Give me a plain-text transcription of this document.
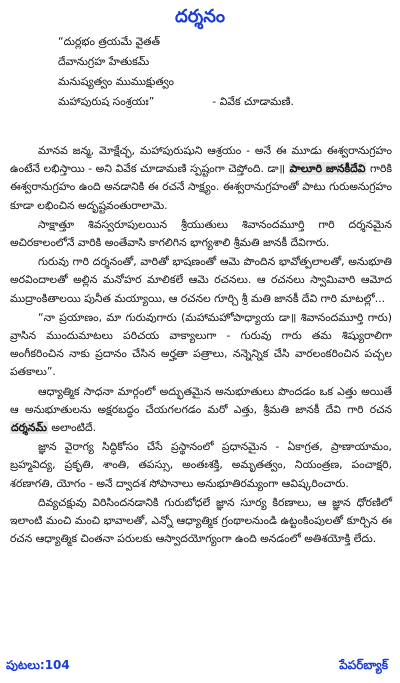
దర్శనం
“దుర్లభం త్రయమే వైతత్
దేవానుగ్రహ హేతుకమ్
మనుష్యత్వం ముముక్షుత్వం
మహాపురుష సంశ్రయః”	- వివేక చూడామణి.

మానవ జన్మ, మోక్షేచ్ఛ, మహాపురుషుని ఆశ్రయం - అనే ఈ మూడు ఈశ్వరానుగ్రహం ఉంటేనే లభిస్తాయి - అని వివేక చూడామణి స్పష్టంగా చెప్తోంది. డా॥ పాలూరి జానకీదేవి గారికి ఈశ్వరానుగ్రహం ఉంది అనడానికి ఈ రచనే సాక్ష్యం. ఈశ్వరానుగ్రహంతో పాటు గురుఅనుగ్రహం కూడా లభించిన అదృష్టవంతురాలామె.

సాక్షాత్తూ శివస్వరూపులయిన శ్రీయుతులు శివానందమూర్తి గారి దర్శనమైన అచిరకాలంలోనే వారికి అంతేవాసి కాగలిగిన భాగ్యశాలి శ్రీమతి జానకీ దేవిగారు.

గురువు గారి దర్శనంతో, వారితో భాషణంతో ఆమె పొందిన భావోత్పలాలతో, అనుభూతి అరవిందాలతో అల్లిన మనోహర మాలికలే ఆమె రచనలు. ఆ రచనలు స్వామివారి ఆమోద ముద్రాంకితాలయి పునీత మయ్యాయి, ఆ రచనల గూర్చి శ్రీ మతి జానకీ దేవి గారి మాటల్లో...

“నా ప్రయాణం, మా గురువుగారు (మహామహోపాధ్యాయ డా॥ శివానందమూర్తి గారు) వ్రాసిన ముందుమాటలు పరిచయ వాక్యాలుగా - గురువు గారు తమ శిష్యురాలిగా అంగీకరించిన నాకు ప్రదానం చేసిన అర్హతా పత్రాలు, నన్నెన్నిక చేసి వారలంకరించిన పచ్చల పతకాలు”.

ఆధ్యాత్మిక సాధనా మార్గంలో అద్భుతమైన అనుభూతులు పొందడం ఒక ఎత్తు అయితే ఆ అనుభూతులను అక్షరబద్ధం చేయగలగడం మరో ఎత్తు, శ్రీమతి జానకీ దేవి గారి రచన దర్శనమ్ అలాంటిదే.

జ్ఞాన వైరాగ్య సిద్ధికోసం చేసే ప్రస్థానంలో ప్రధానమైన - ఏకాగ్రత, ప్రాణాయామం, బ్రహ్మవిద్య, ప్రకృతి, శాంతి, తపస్సు, అంతఃశక్తి, అమృతత్వం, నియంత్రణ, పంచాక్షరి, శరణాగతి, యోగం - అనే ద్వాదశ సోపానాలు అనుభూతిరమ్యంగా ఆవిష్కరించారు.

దివ్యచక్షువు విరిసిందనడానికి గురుబోధలే జ్ఞాన సూర్య కిరణాలు, ఆ జ్ఞాన ధోరణిలో ఇలాంటి మంచి మంచి భావాలతో, ఎన్నో ఆధ్యాత్మిక గ్రంథాలనుండి ఉట్టంకింపులతో కూర్చిన ఈ రచన ఆధ్యాత్మిక చింతనా పరులకు ఆస్వాదయోగ్యంగా ఉంది అనడంలో అతిశయోక్తి లేదు.

పుటలు:104	పేపర్‌బ్యాక్
